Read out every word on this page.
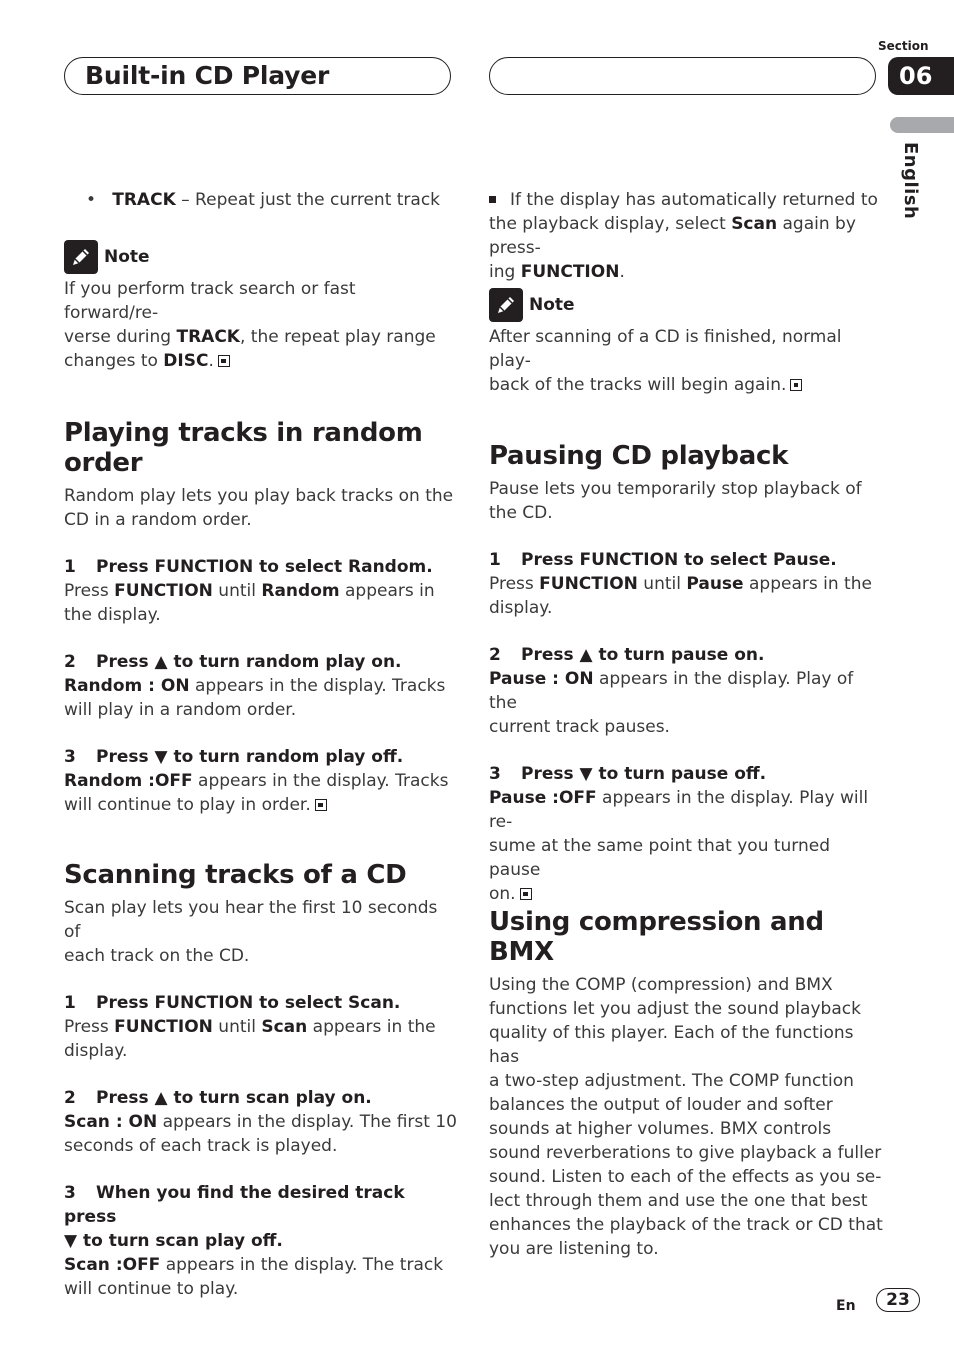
Built-in CD Player
Section
06
English

• TRACK – Repeat just the current track

Note

If you perform track search or fast forward/re-
verse during TRACK, the repeat play range
changes to DISC.

Playing tracks in random order

Random play lets you play back tracks on the
CD in a random order.

1 Press FUNCTION to select Random.

Press FUNCTION until Random appears in
the display.

2 Press ▲ to turn random play on.

Random : ON appears in the display. Tracks
will play in a random order.

3 Press ▼ to turn random play off.

Random :OFF appears in the display. Tracks
will continue to play in order.

Scanning tracks of a CD

Scan play lets you hear the first 10 seconds of
each track on the CD.

1 Press FUNCTION to select Scan.

Press FUNCTION until Scan appears in the
display.

2 Press ▲ to turn scan play on.

Scan : ON appears in the display. The first 10
seconds of each track is played.

3 When you find the desired track press
▼ to turn scan play off.

Scan :OFF appears in the display. The track
will continue to play.

If the display has automatically returned to
the playback display, select Scan again by press-
ing FUNCTION.

Note

After scanning of a CD is finished, normal play-
back of the tracks will begin again.

Pausing CD playback

Pause lets you temporarily stop playback of
the CD.

1 Press FUNCTION to select Pause.

Press FUNCTION until Pause appears in the
display.

2 Press ▲ to turn pause on.

Pause : ON appears in the display. Play of the
current track pauses.

3 Press ▼ to turn pause off.

Pause :OFF appears in the display. Play will re-
sume at the same point that you turned pause
on.

Using compression and BMX

Using the COMP (compression) and BMX
functions let you adjust the sound playback
quality of this player. Each of the functions has
a two-step adjustment. The COMP function
balances the output of louder and softer
sounds at higher volumes. BMX controls
sound reverberations to give playback a fuller
sound. Listen to each of the effects as you se-
lect through them and use the one that best
enhances the playback of the track or CD that
you are listening to.

En	23
